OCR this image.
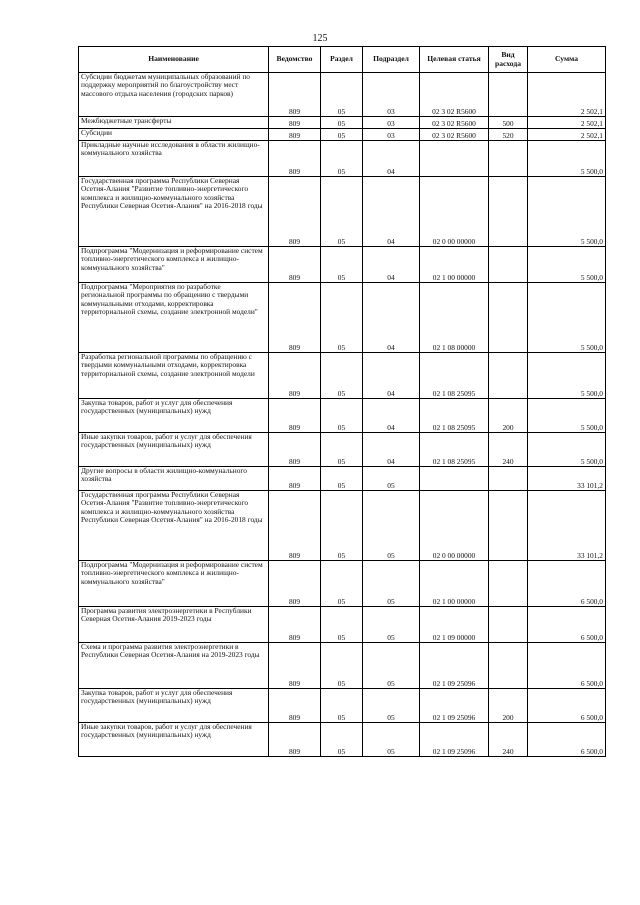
125
Наименование	Ведомство	Раздел	Подраздел	Целевая статья	Вид расхода	Сумма
Субсидии бюджетам муниципальных образований по поддержку мероприятий по благоустройству мест массового отдыха населения (городских парков)	809	05	03	02 3 02 R5600		2 502,1
Межбюджетные трансферты	809	05	03	02 3 02 R5600	500	2 502,1
Субсидии	809	05	03	02 3 02 R5600	520	2 502,1
Прикладные научные исследования в области жилищно-коммунального хозяйства	809	05	04			5 500,0
Государственная программа Республики Северная Осетия-Алания "Развитие топливно-энергетического комплекса и жилищно-коммунального хозяйства Республики Северная Осетия-Алания" на 2016-2018 годы	809	05	04	02 0 00 00000		5 500,0
Подпрограмма "Модернизация и реформирование систем топливно-энергетического комплекса и жилищно-коммунального хозяйства"	809	05	04	02 1 00 00000		5 500,0
Подпрограмма "Мероприятия по разработке региональной программы по обращению с твердыми коммунальными отходами, корректировка территориальной схемы, создание электронной модели"	809	05	04	02 1 08 00000		5 500,0
Разработка региональной программы по обращению с твердыми коммунальными отходами, корректировка территориальной схемы, создание электронной модели	809	05	04	02 1 08 25095		5 500,0
Закупка товаров, работ и услуг для обеспечения государственных (муниципальных) нужд	809	05	04	02 1 08 25095	200	5 500,0
Иные закупки товаров, работ и услуг для обеспечения государственных (муниципальных) нужд	809	05	04	02 1 08 25095	240	5 500,0
Другие вопросы в области жилищно-коммунального хозяйства	809	05	05			33 101,2
Государственная программа Республики Северная Осетия-Алания "Развитие топливно-энергетического комплекса и жилищно-коммунального хозяйства Республики Северная Осетия-Алания" на 2016-2018 годы	809	05	05	02 0 00 00000		33 101,2
Подпрограмма "Модернизация и реформирование систем топливно-энергетического комплекса и жилищно-коммунального хозяйства"	809	05	05	02 1 00 00000		6 500,0
Программа развития электроэнергетики в Республики Северная Осетия-Алания 2019-2023 годы	809	05	05	02 1 09 00000		6 500,0
Схема и программа развития электроэнергетики в Республики Северная Осетия-Алания на 2019-2023 годы	809	05	05	02 1 09 25096		6 500,0
Закупка товаров, работ и услуг для обеспечения государственных (муниципальных) нужд	809	05	05	02 1 09 25096	200	6 500,0
Иные закупки товаров, работ и услуг для обеспечения государственных (муниципальных) нужд	809	05	05	02 1 09 25096	240	6 500,0
